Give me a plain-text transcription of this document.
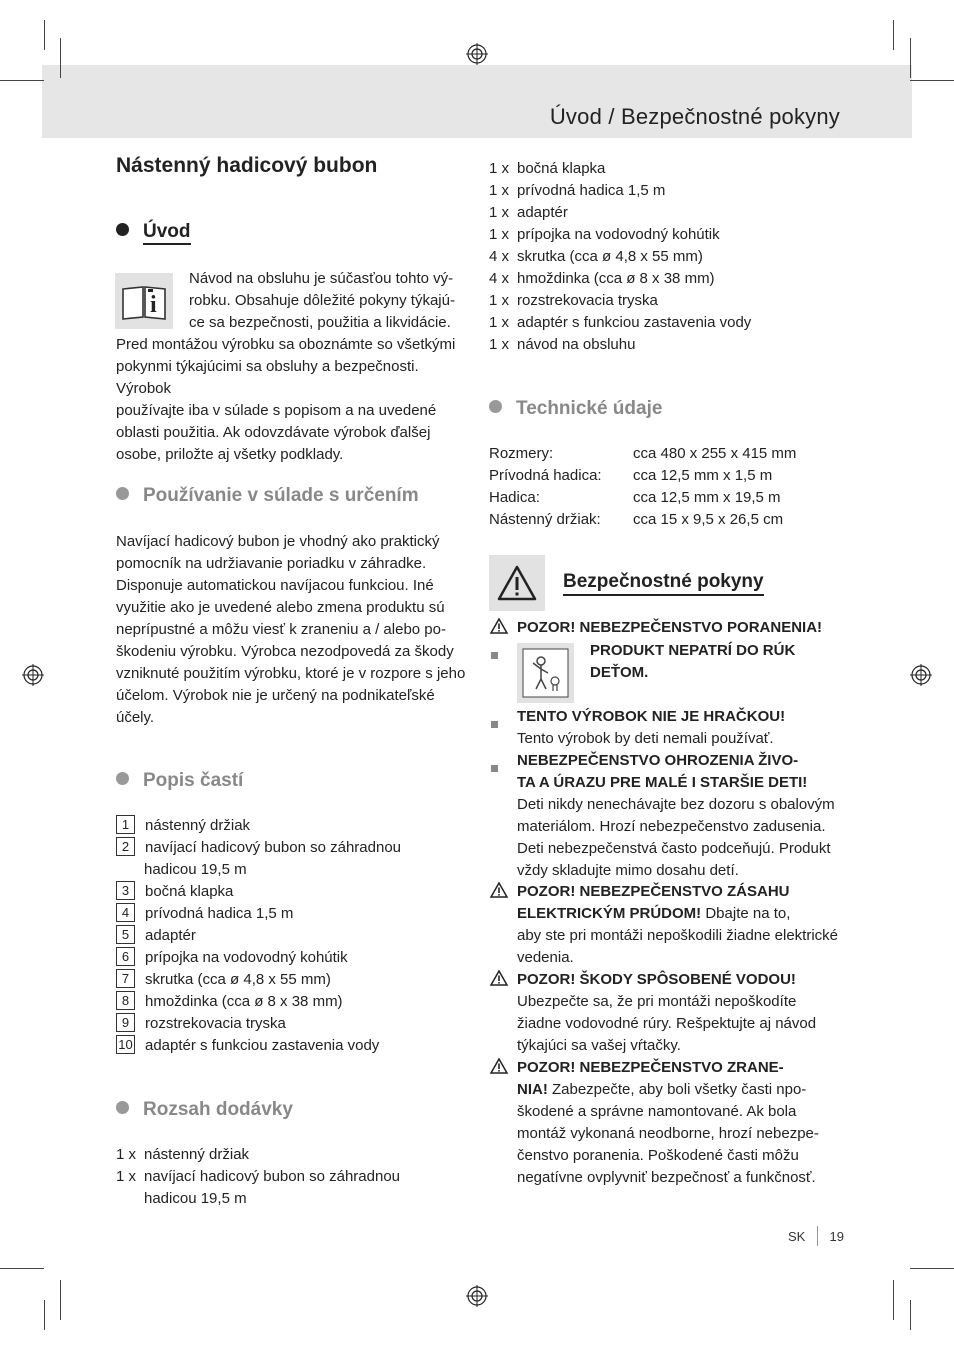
Úvod / Bezpečnostné pokyny
Nástenný hadicový bubon
Úvod
i
Návod na obsluhu je súčasťou tohto vý-
robku. Obsahuje dôležité pokyny týkajú-
ce sa bezpečnosti, použitia a likvidácie.
Pred montážou výrobku sa oboznámte so všetkými
pokynmi týkajúcimi sa obsluhy a bezpečnosti. Výrobok
používajte iba v súlade s popisom a na uvedené
oblasti použitia. Ak odovzdávate výrobok ďalšej
osobe, priložte aj všetky podklady.
Používanie v súlade s určením
Navíjací hadicový bubon je vhodný ako praktický
pomocník na udržiavanie poriadku v záhradke.
Disponuje automatickou navíjacou funkciou. Iné
využitie ako je uvedené alebo zmena produktu sú
neprípustné a môžu viesť k zraneniu a / alebo po-
škodeniu výrobku. Výrobca nezodpovedá za škody
vzniknuté použitím výrobku, ktoré je v rozpore s jeho
účelom. Výrobok nie je určený na podnikateľské
účely.
Popis častí
1 nástenný držiak
2 navíjací hadicový bubon so záhradnou
hadicou 19,5 m
3 bočná klapka
4 prívodná hadica 1,5 m
5 adaptér
6 prípojka na vodovodný kohútik
7 skrutka (cca ø 4,8 x 55 mm)
8 hmoždinka (cca ø 8 x 38 mm)
9 rozstrekovacia tryska
10 adaptér s funkciou zastavenia vody
Rozsah dodávky
1 x nástenný držiak
1 x navíjací hadicový bubon so záhradnou
hadicou 19,5 m
1 x bočná klapka
1 x prívodná hadica 1,5 m
1 x adaptér
1 x prípojka na vodovodný kohútik
4 x skrutka (cca ø 4,8 x 55 mm)
4 x hmoždinka (cca ø 8 x 38 mm)
1 x rozstrekovacia tryska
1 x adaptér s funkciou zastavenia vody
1 x návod na obsluhu
Technické údaje
Rozmery:	cca 480 x 255 x 415 mm
Prívodná hadica:	cca 12,5 mm x 1,5 m
Hadica:	cca 12,5 mm x 19,5 m
Nástenný držiak:	cca 15 x 9,5 x 26,5 cm
Bezpečnostné pokyny
POZOR! NEBEZPEČENSTVO PORANENIA!
PRODUKT NEPATRÍ DO RÚK
DEŤOM.
TENTO VÝROBOK NIE JE HRAČKOU!
Tento výrobok by deti nemali používať.
NEBEZPEČENSTVO OHROZENIA ŽIVO-
TA A ÚRAZU PRE MALÉ I STARŠIE DETI!
Deti nikdy nenechávajte bez dozoru s obalovým
materiálom. Hrozí nebezpečenstvo zadusenia.
Deti nebezpečenstvá často podceňujú. Produkt
vždy skladujte mimo dosahu detí.
POZOR! NEBEZPEČENSTVO ZÁSAHU
ELEKTRICKÝM PRÚDOM! Dbajte na to,
aby ste pri montáži nepoškodili žiadne elektrické
vedenia.
POZOR! ŠKODY SPÔSOBENÉ VODOU!
Ubezpečte sa, že pri montáži nepoškodíte
žiadne vodovodné rúry. Rešpektujte aj návod
týkajúci sa vašej vŕtačky.
POZOR! NEBEZPEČENSTVO ZRANE-
NIA! Zabezpečte, aby boli všetky časti npo-
škodené a správne namontované. Ak bola
montáž vykonaná neodborne, hrozí nebezpe-
čenstvo poranenia. Poškodené časti môžu
negatívne ovplyvniť bezpečnosť a funkčnosť.
SK 19
